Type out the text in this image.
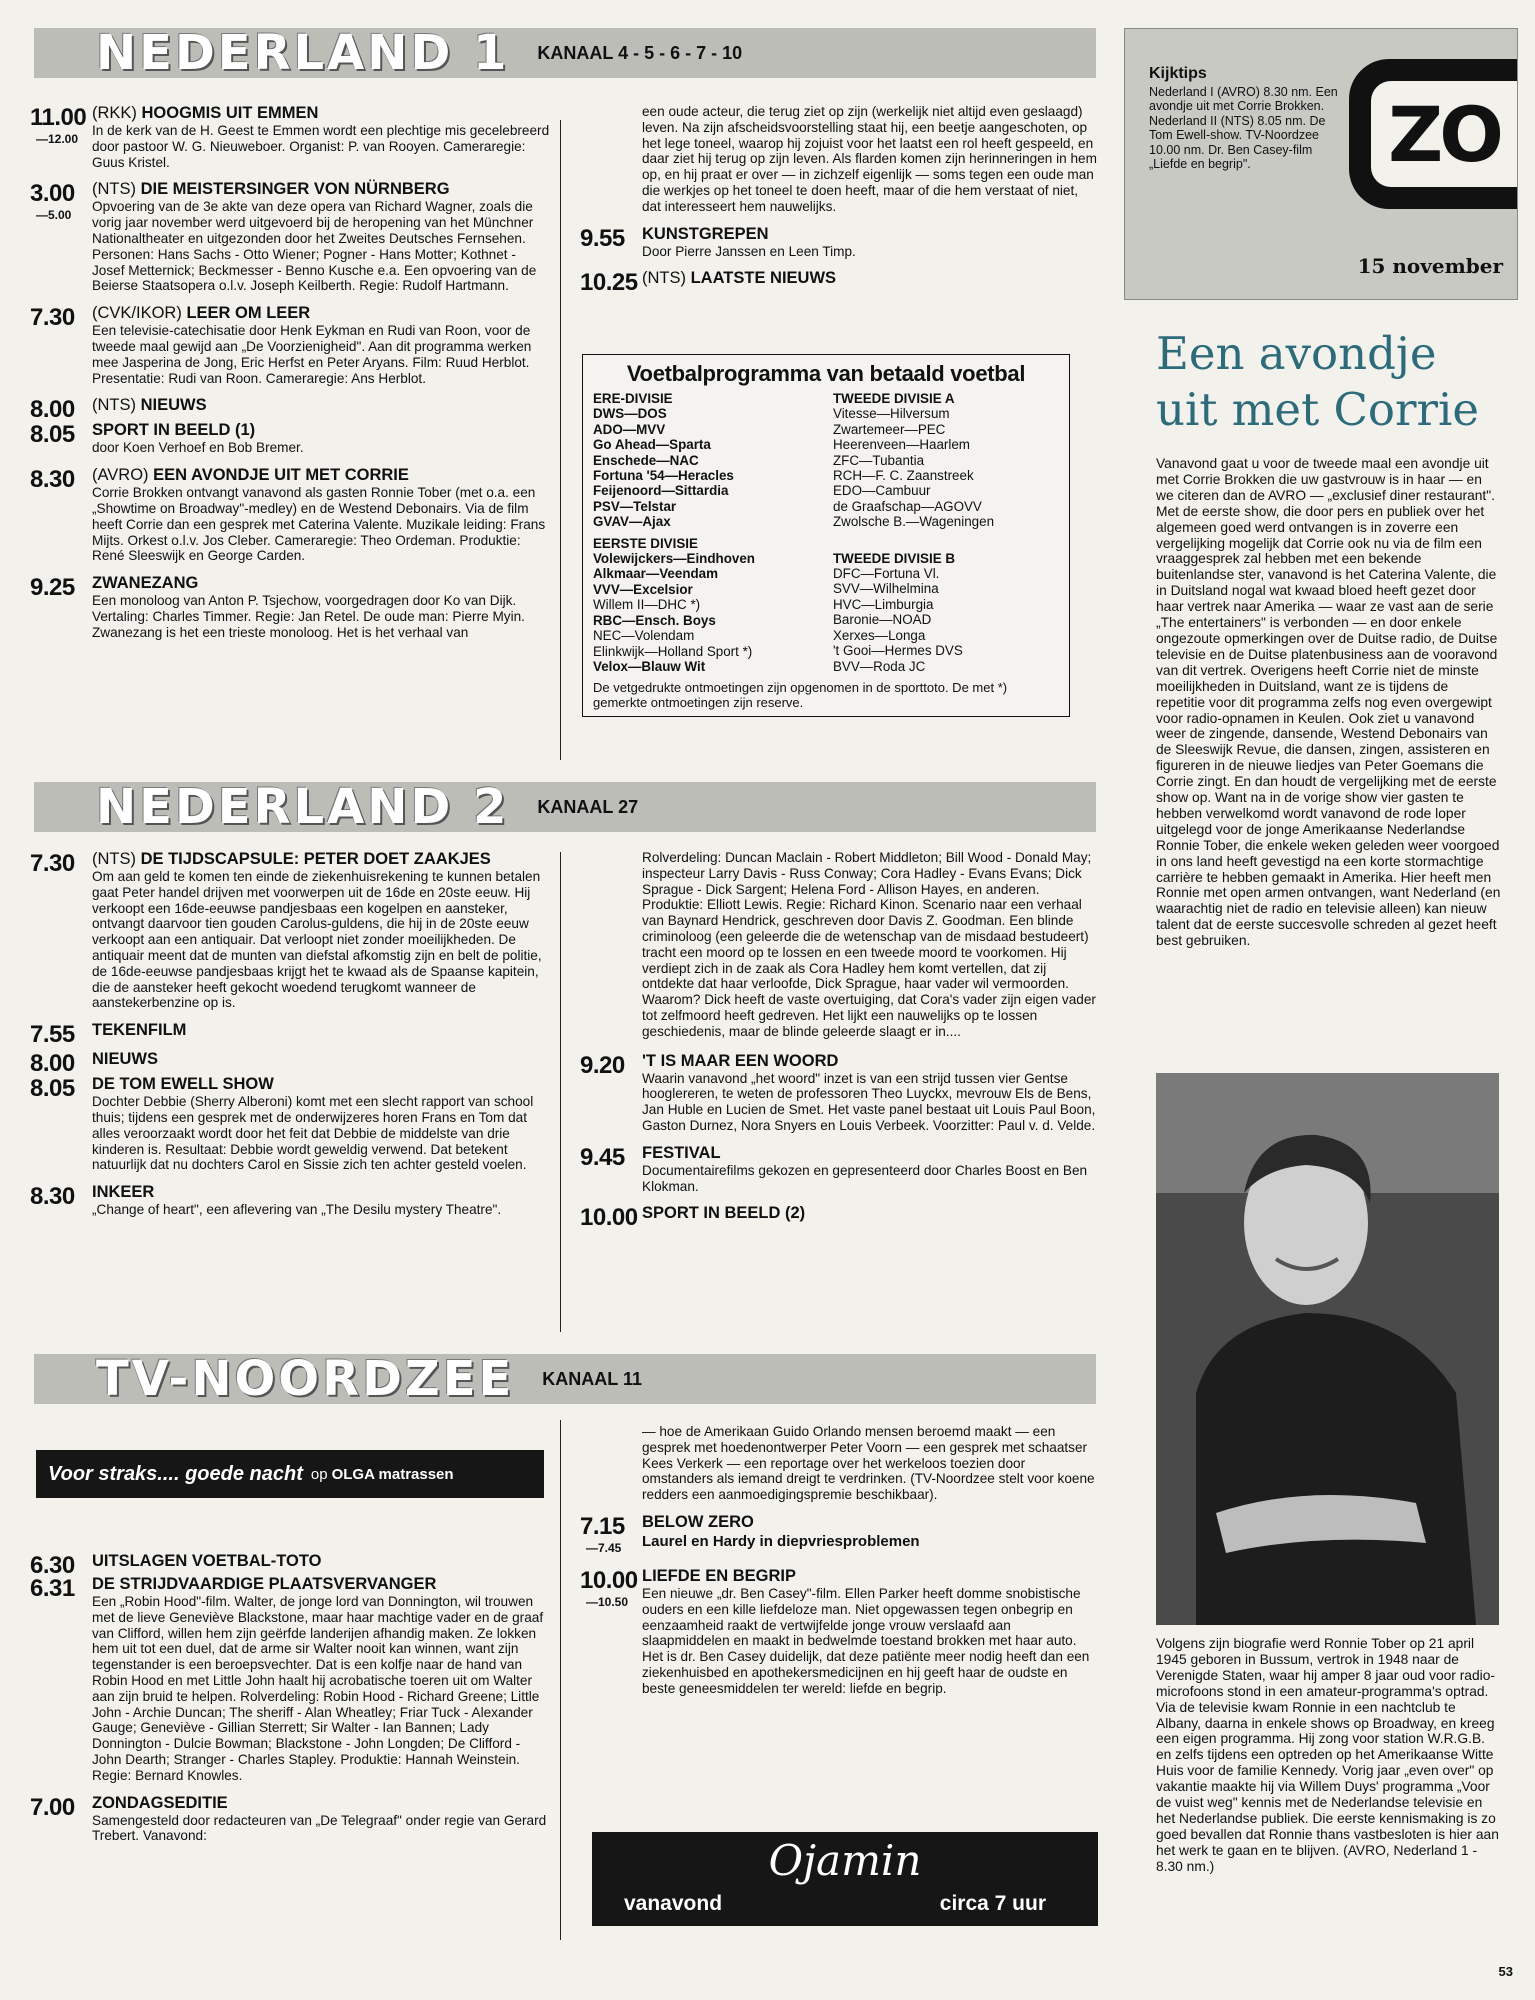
NEDERLAND 1 KANAAL 4 - 5 - 6 - 7 - 10
11.00
—12.00
(RKK) HOOGMIS UIT EMMEN
In de kerk van de H. Geest te Emmen wordt een plechtige mis gecelebreerd door pastoor W. G. Nieuweboer. Organist: P. van Rooyen. Cameraregie: Guus Kristel.
3.00
—5.00
(NTS) DIE MEISTERSINGER VON NÜRNBERG
Opvoering van de 3e akte van deze opera van Richard Wagner, zoals die vorig jaar november werd uitgevoerd bij de heropening van het Münchner Nationaltheater en uitgezonden door het Zweites Deutsches Fernsehen. Personen: Hans Sachs - Otto Wiener; Pogner - Hans Motter; Kothnet - Josef Metternick; Beckmesser - Benno Kusche e.a. Een opvoering van de Beierse Staatsopera o.l.v. Joseph Keilberth. Regie: Rudolf Hartmann.
7.30 (CVK/IKOR) LEER OM LEER
Een televisie-catechisatie door Henk Eykman en Rudi van Roon, voor de tweede maal gewijd aan „De Voorzienigheid". Aan dit programma werken mee Jasperina de Jong, Eric Herfst en Peter Aryans. Film: Ruud Herblot. Presentatie: Rudi van Roon. Cameraregie: Ans Herblot.
8.00 (NTS) NIEUWS
8.05 SPORT IN BEELD (1)
door Koen Verhoef en Bob Bremer.
8.30 (AVRO) EEN AVONDJE UIT MET CORRIE
Corrie Brokken ontvangt vanavond als gasten Ronnie Tober (met o.a. een „Showtime on Broadway"-medley) en de Westend Debonairs. Via de film heeft Corrie dan een gesprek met Caterina Valente. Muzikale leiding: Frans Mijts. Orkest o.l.v. Jos Cleber. Cameraregie: Theo Ordeman. Produktie: René Sleeswijk en George Carden.
9.25 ZWANEZANG
Een monoloog van Anton P. Tsjechow, voorgedragen door Ko van Dijk. Vertaling: Charles Timmer. Regie: Jan Retel. De oude man: Pierre Myin. Zwanezang is het een trieste monoloog. Het is het verhaal van
een oude acteur, die terug ziet op zijn (werkelijk niet altijd even geslaagd) leven. Na zijn afscheidsvoorstelling staat hij, een beetje aangeschoten, op het lege toneel, waarop hij zojuist voor het laatst een rol heeft gespeeld, en daar ziet hij terug op zijn leven. Als flarden komen zijn herinneringen in hem op, en hij praat er over — in zichzelf eigenlijk — soms tegen een oude man die werkjes op het toneel te doen heeft, maar of die hem verstaat of niet, dat interesseert hem nauwelijks.
9.55 KUNSTGREPEN
Door Pierre Janssen en Leen Timp.
10.25 (NTS) LAATSTE NIEUWS
Voetbalprogramma van betaald voetbal
ERE-DIVISIE
DWS—DOS
ADO—MVV
Go Ahead—Sparta
Enschede—NAC
Fortuna '54—Heracles
Feijenoord—Sittardia
PSV—Telstar
GVAV—Ajax
EERSTE DIVISIE
Volewijckers—Eindhoven
Alkmaar—Veendam
VVV—Excelsior
Willem II—DHC *)
RBC—Ensch. Boys
NEC—Volendam
Elinkwijk—Holland Sport *)
Velox—Blauw Wit
TWEEDE DIVISIE A
Vitesse—Hilversum
Zwartemeer—PEC
Heerenveen—Haarlem
ZFC—Tubantia
RCH—F. C. Zaanstreek
EDO—Cambuur
de Graafschap—AGOVV
Zwolsche B.—Wageningen
TWEEDE DIVISIE B
DFC—Fortuna Vl.
SVV—Wilhelmina
HVC—Limburgia
Baronie—NOAD
Xerxes—Longa
't Gooi—Hermes DVS
BVV—Roda JC
De vetgedrukte ontmoetingen zijn opgenomen in de sporttoto. De met *) gemerkte ontmoetingen zijn reserve.
NEDERLAND 2 KANAAL 27
7.30 (NTS) DE TIJDSCAPSULE: PETER DOET ZAAKJES
Om aan geld te komen ten einde de ziekenhuisrekening te kunnen betalen gaat Peter handel drijven met voorwerpen uit de 16de en 20ste eeuw. Hij verkoopt een 16de-eeuwse pandjesbaas een kogelpen en aansteker, ontvangt daarvoor tien gouden Carolus-guldens, die hij in de 20ste eeuw verkoopt aan een antiquair. Dat verloopt niet zonder moeilijkheden. De antiquair meent dat de munten van diefstal afkomstig zijn en belt de politie, de 16de-eeuwse pandjesbaas krijgt het te kwaad als de Spaanse kapitein, die de aansteker heeft gekocht woedend terugkomt wanneer de aanstekerbenzine op is.
7.55 TEKENFILM
8.00 NIEUWS
8.05 DE TOM EWELL SHOW
Dochter Debbie (Sherry Alberoni) komt met een slecht rapport van school thuis; tijdens een gesprek met de onderwijzeres horen Frans en Tom dat alles veroorzaakt wordt door het feit dat Debbie de middelste van drie kinderen is. Resultaat: Debbie wordt geweldig verwend. Dat betekent natuurlijk dat nu dochters Carol en Sissie zich ten achter gesteld voelen.
8.30 INKEER
„Change of heart", een aflevering van „The Desilu mystery Theatre".
Rolverdeling: Duncan Maclain - Robert Middleton; Bill Wood - Donald May; inspecteur Larry Davis - Russ Conway; Cora Hadley - Evans Evans; Dick Sprague - Dick Sargent; Helena Ford - Allison Hayes, en anderen. Produktie: Elliott Lewis. Regie: Richard Kinon. Scenario naar een verhaal van Baynard Hendrick, geschreven door Davis Z. Goodman. Een blinde criminoloog (een geleerde die de wetenschap van de misdaad bestudeert) tracht een moord op te lossen en een tweede moord te voorkomen. Hij verdiept zich in de zaak als Cora Hadley hem komt vertellen, dat zij ontdekte dat haar verloofde, Dick Sprague, haar vader wil vermoorden. Waarom? Dick heeft de vaste overtuiging, dat Cora's vader zijn eigen vader tot zelfmoord heeft gedreven. Het lijkt een nauwelijks op te lossen geschiedenis, maar de blinde geleerde slaagt er in....
9.20 'T IS MAAR EEN WOORD
Waarin vanavond „het woord" inzet is van een strijd tussen vier Gentse hooglereren, te weten de professoren Theo Luyckx, mevrouw Els de Bens, Jan Huble en Lucien de Smet. Het vaste panel bestaat uit Louis Paul Boon, Gaston Durnez, Nora Snyers en Louis Verbeek. Voorzitter: Paul v. d. Velde.
9.45 FESTIVAL
Documentairefilms gekozen en gepresenteerd door Charles Boost en Ben Klokman.
10.00 SPORT IN BEELD (2)
TV-NOORDZEE KANAAL 11
Voor straks.... goede nacht op OLGA matrassen
6.30 UITSLAGEN VOETBAL-TOTO
6.31 DE STRIJDVAARDIGE PLAATSVERVANGER
Een „Robin Hood"-film. Walter, de jonge lord van Donnington, wil trouwen met de lieve Geneviève Blackstone, maar haar machtige vader en de graaf van Clifford, willen hem zijn geërfde landerijen afhandig maken. Ze lokken hem uit tot een duel, dat de arme sir Walter nooit kan winnen, want zijn tegenstander is een beroepsvechter. Dat is een kolfje naar de hand van Robin Hood en met Little John haalt hij acrobatische toeren uit om Walter aan zijn bruid te helpen. Rolverdeling: Robin Hood - Richard Greene; Little John - Archie Duncan; The sheriff - Alan Wheatley; Friar Tuck - Alexander Gauge; Geneviève - Gillian Sterrett; Sir Walter - Ian Bannen; Lady Donnington - Dulcie Bowman; Blackstone - John Longden; De Clifford - John Dearth; Stranger - Charles Stapley. Produktie: Hannah Weinstein. Regie: Bernard Knowles.
7.00 ZONDAGSEDITIE
Samengesteld door redacteuren van „De Telegraaf" onder regie van Gerard Trebert. Vanavond:
— hoe de Amerikaan Guido Orlando mensen beroemd maakt — een gesprek met hoedenontwerper Peter Voorn — een gesprek met schaatser Kees Verkerk — een reportage over het werkeloos toezien door omstanders als iemand dreigt te verdrinken. (TV-Noordzee stelt voor koene redders een aanmoedigingspremie beschikbaar).
7.15
—7.45
BELOW ZERO
Laurel en Hardy in diepvriesproblemen
10.00
—10.50
LIEFDE EN BEGRIP
Een nieuwe „dr. Ben Casey"-film. Ellen Parker heeft domme snobistische ouders en een kille liefdeloze man. Niet opgewassen tegen onbegrip en eenzaamheid raakt de vertwijfelde jonge vrouw verslaafd aan slaapmiddelen en maakt in bedwelmde toestand brokken met haar auto. Het is dr. Ben Casey duidelijk, dat deze patiënte meer nodig heeft dan een ziekenhuisbed en apothekersmedicijnen en hij geeft haar de oudste en beste geneesmiddelen ter wereld: liefde en begrip.
Ojamin
vanavond	circa 7 uur
Kijktips
Nederland I (AVRO) 8.30 nm. Een avondje uit met Corrie Brokken. Nederland II (NTS) 8.05 nm. De Tom Ewell-show. TV-Noordzee 10.00 nm. Dr. Ben Casey-film „Liefde en begrip".	ZO
15 november
Een avondje
uit met Corrie
Vanavond gaat u voor de tweede maal een avondje uit met Corrie Brokken die uw gastvrouw is in haar — en we citeren dan de AVRO — „exclusief diner restaurant". Met de eerste show, die door pers en publiek over het algemeen goed werd ontvangen is in zoverre een vergelijking mogelijk dat Corrie ook nu via de film een vraaggesprek zal hebben met een bekende buitenlandse ster, vanavond is het Caterina Valente, die in Duitsland nogal wat kwaad bloed heeft gezet door haar vertrek naar Amerika — waar ze vast aan de serie „The entertainers" is verbonden — en door enkele ongezoute opmerkingen over de Duitse radio, de Duitse televisie en de Duitse platenbusiness aan de vooravond van dit vertrek. Overigens heeft Corrie niet de minste moeilijkheden in Duitsland, want ze is tijdens de repetitie voor dit programma zelfs nog even overgewipt voor radio-opnamen in Keulen. Ook ziet u vanavond weer de zingende, dansende, Westend Debonairs van de Sleeswijk Revue, die dansen, zingen, assisteren en figureren in de nieuwe liedjes van Peter Goemans die Corrie zingt. En dan houdt de vergelijking met de eerste show op. Want na in de vorige show vier gasten te hebben verwelkomd wordt vanavond de rode loper uitgelegd voor de jonge Amerikaanse Nederlandse Ronnie Tober, die enkele weken geleden weer voorgoed in ons land heeft gevestigd na een korte stormachtige carrière te hebben gemaakt in Amerika. Hier heeft men Ronnie met open armen ontvangen, want Nederland (en waarachtig niet de radio en televisie alleen) kan nieuw talent dat de eerste succesvolle schreden al gezet heeft best gebruiken.
Volgens zijn biografie werd Ronnie Tober op 21 april 1945 geboren in Bussum, vertrok in 1948 naar de Verenigde Staten, waar hij amper 8 jaar oud voor radio-microfoons stond in een amateur-programma's optrad. Via de televisie kwam Ronnie in een nachtclub te Albany, daarna in enkele shows op Broadway, en kreeg een eigen programma. Hij zong voor station W.R.G.B. en zelfs tijdens een optreden op het Amerikaanse Witte Huis voor de familie Kennedy. Vorig jaar „even over" op vakantie maakte hij via Willem Duys' programma „Voor de vuist weg" kennis met de Nederlandse televisie en het Nederlandse publiek. Die eerste kennismaking is zo goed bevallen dat Ronnie thans vastbesloten is hier aan het werk te gaan en te blijven. (AVRO, Nederland 1 - 8.30 nm.)
53
